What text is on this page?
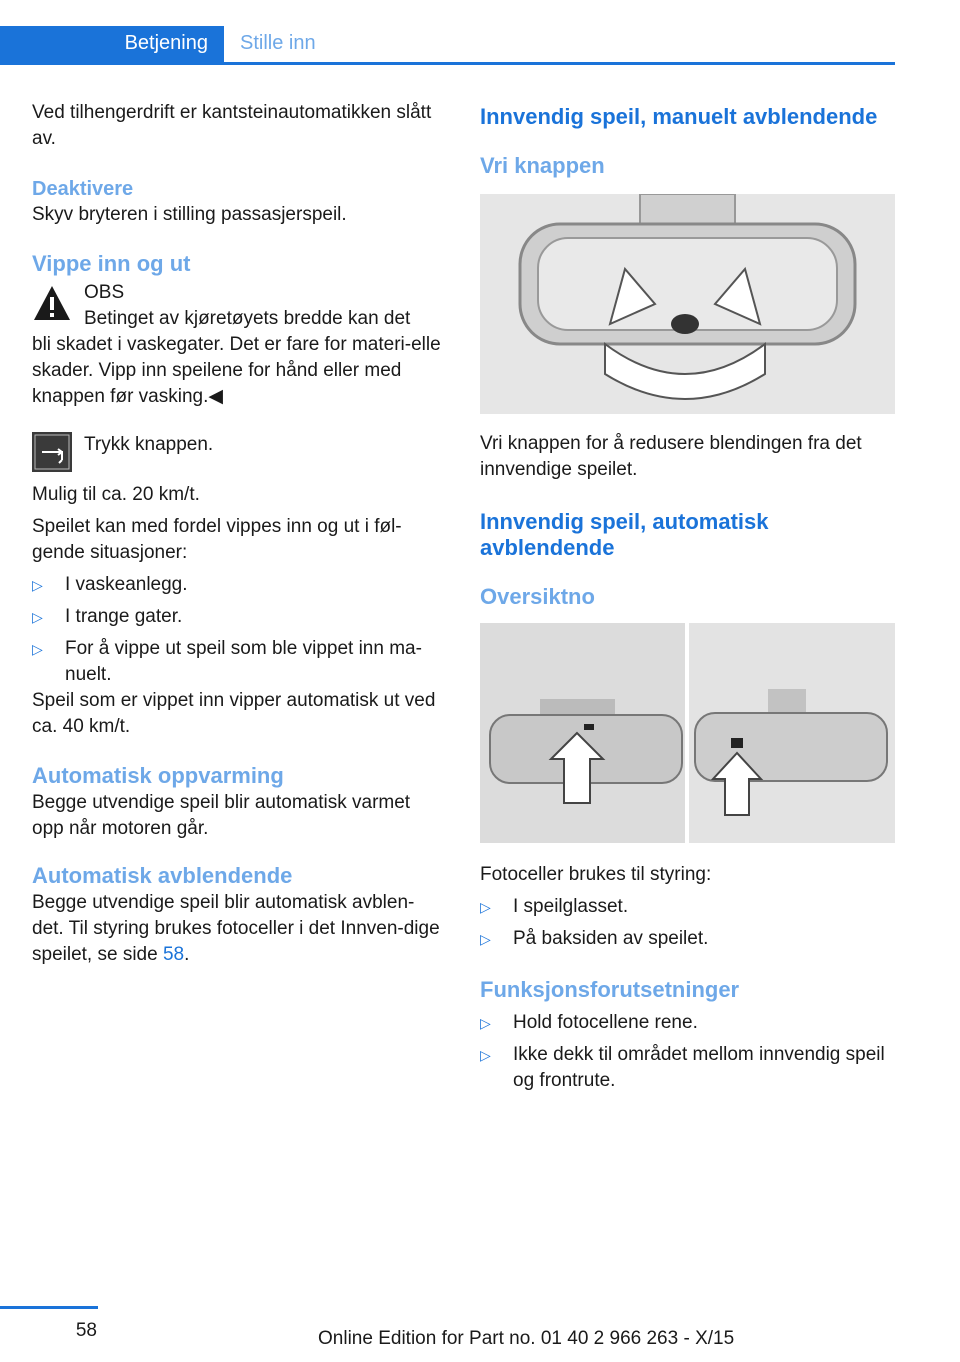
Betjening Stille inn

Ved tilhengerdrift er kantsteinautomatikken slått av.

Deaktivere

Skyv bryteren i stilling passasjerspeil.

Vippe inn og ut

OBS

Betinget av kjøretøyets bredde kan det

bli skadet i vaskegater. Det er fare for materi-elle skader. Vipp inn speilene for hånd eller med knappen før vasking.◀

Trykk knappen.

Mulig til ca. 20 km/t.

Speilet kan med fordel vippes inn og ut i føl-gende situasjoner:

▷ I vaskeanlegg.
▷ I trange gater.
▷ For å vippe ut speil som ble vippet inn ma-nuelt.

Speil som er vippet inn vipper automatisk ut ved ca. 40 km/t.

Automatisk oppvarming

Begge utvendige speil blir automatisk varmet opp når motoren går.

Automatisk avblendende

Begge utvendige speil blir automatisk avblen-det. Til styring brukes fotoceller i det Innven-dige speilet, se side 58.

Innvendig speil, manuelt avblendende

Vri knappen

Vri knappen for å redusere blendingen fra det innvendige speilet.

Innvendig speil, automatisk avblendende

Oversiktno

Fotoceller brukes til styring:

▷ I speilglasset.
▷ På baksiden av speilet.

Funksjonsforutsetninger

▷ Hold fotocellene rene.
▷ Ikke dekk til området mellom innvendig speil og frontrute.
58	Online Edition for Part no. 01 40 2 966 263 - X/15
